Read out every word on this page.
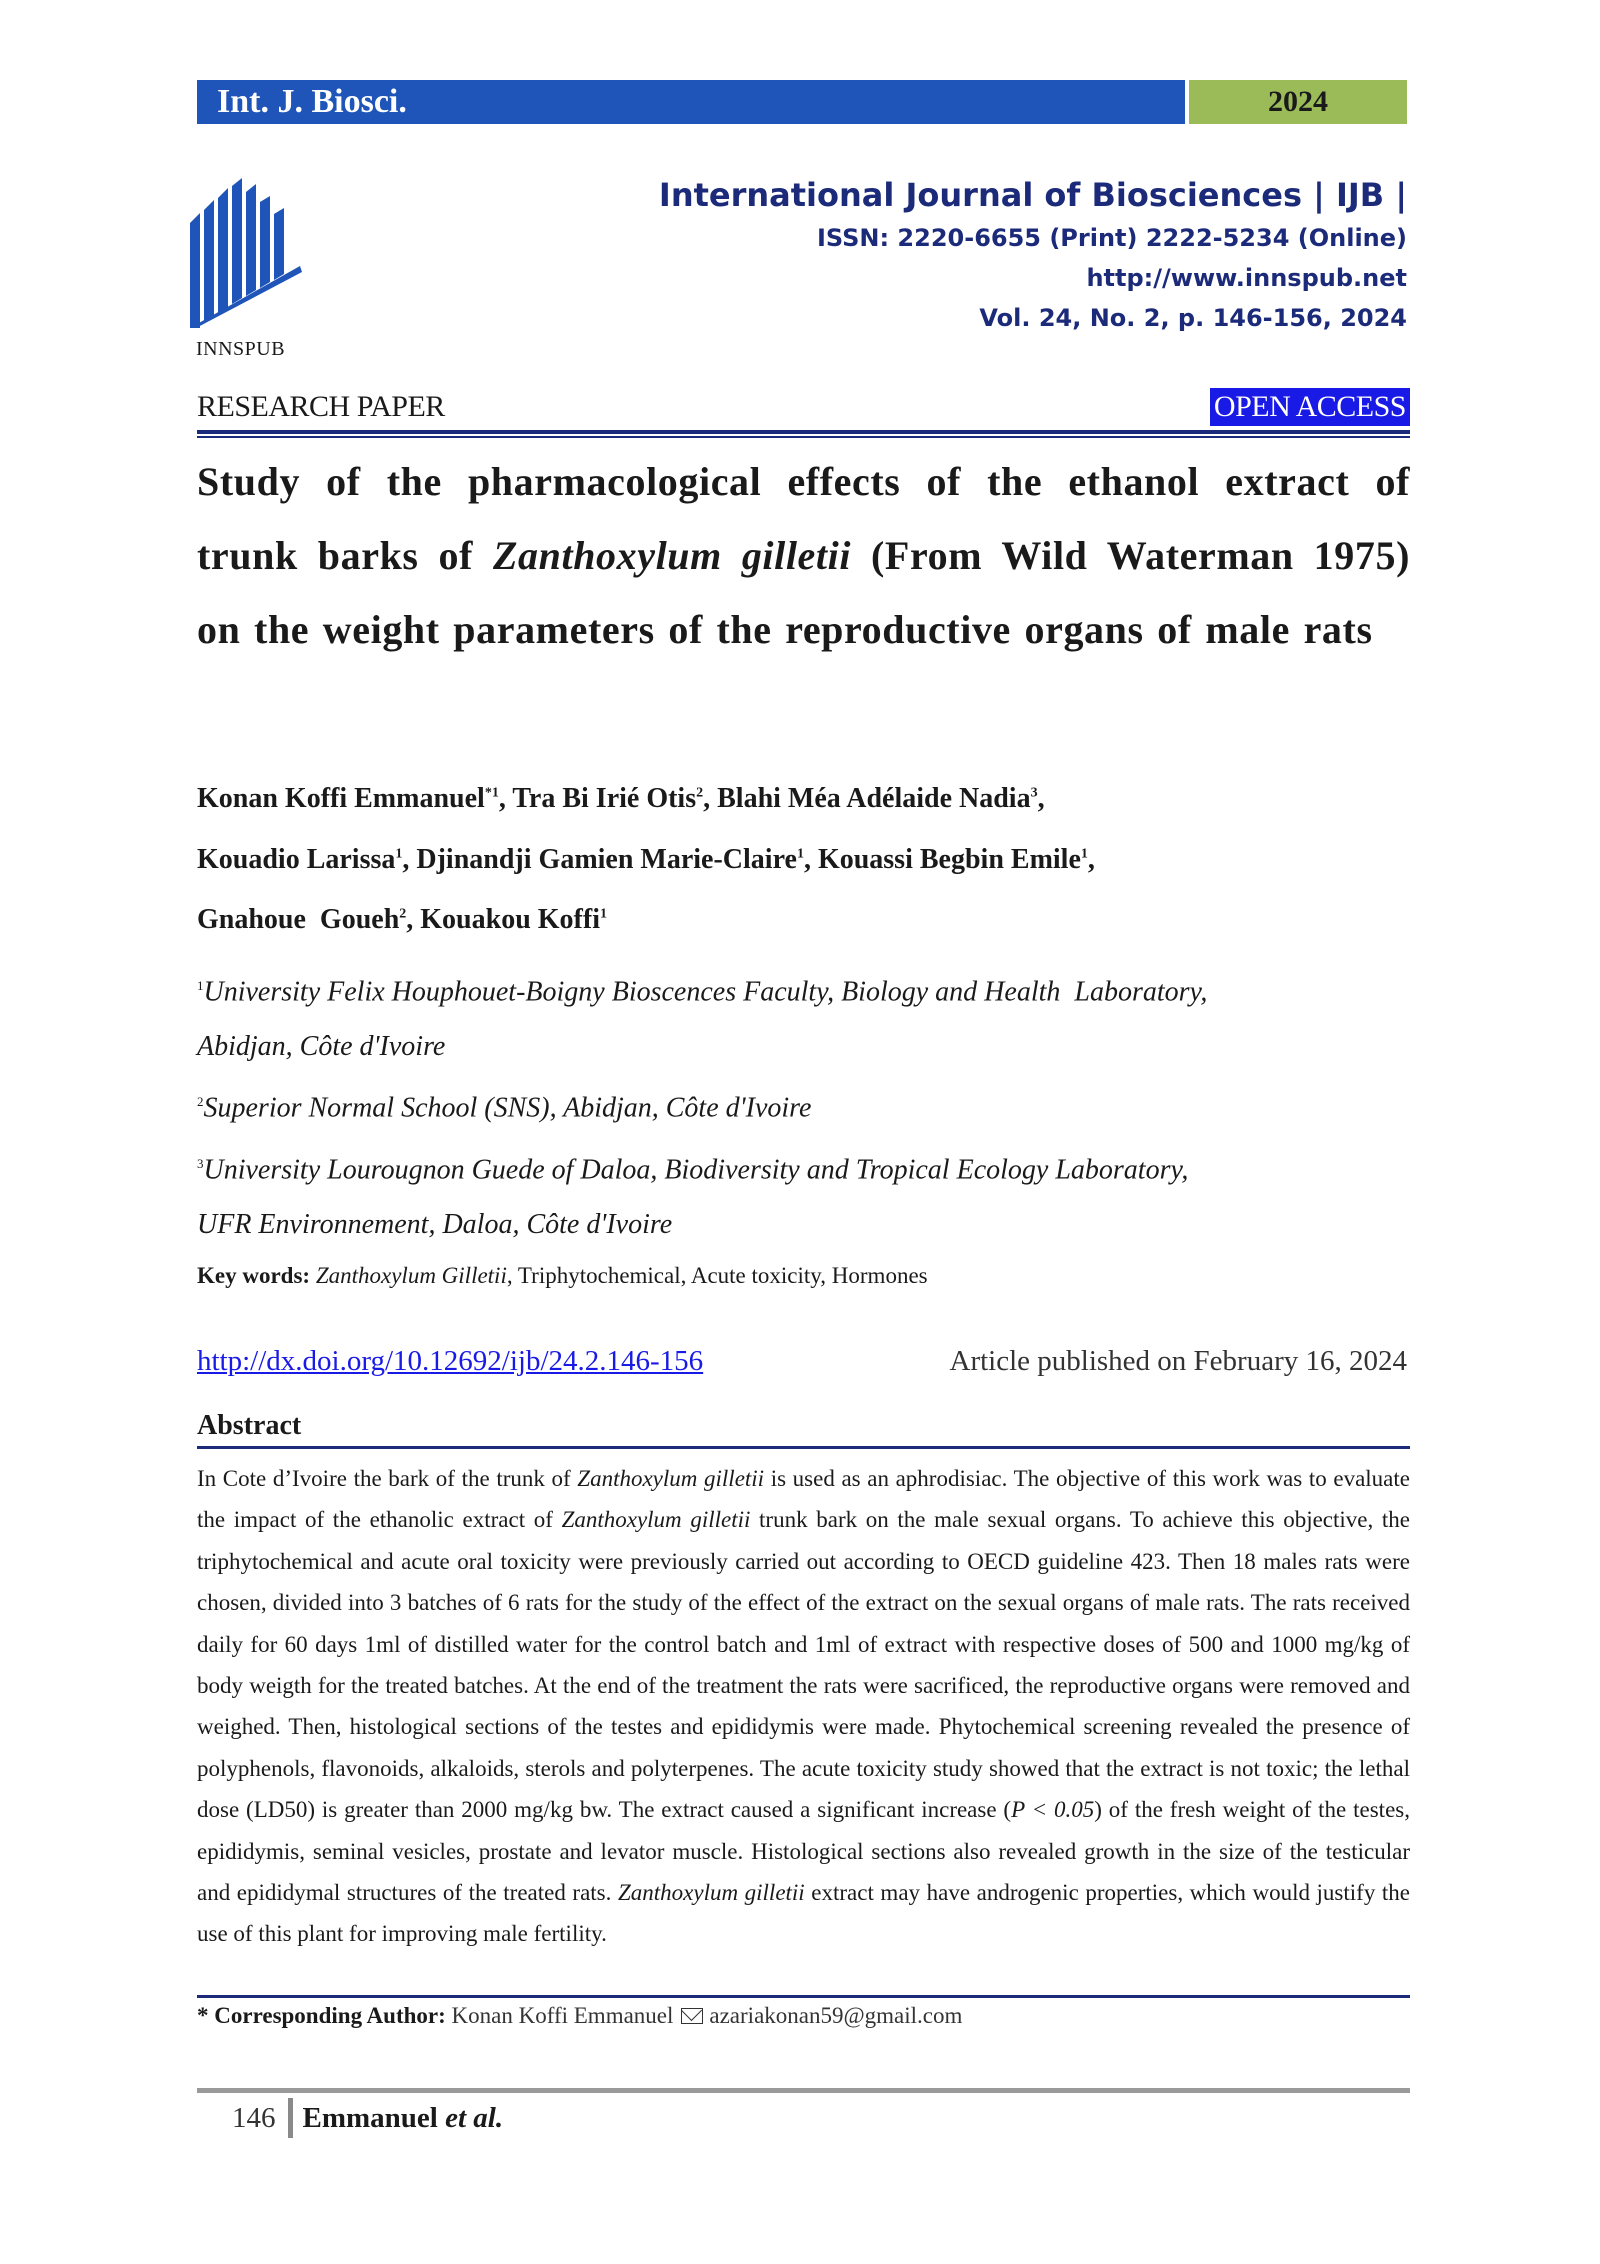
Int. J. Biosci.	2024
INNSPUB
International Journal of Biosciences | IJB |
ISSN: 2220-6655 (Print) 2222-5234 (Online)
http://www.innspub.net
Vol. 24, No. 2, p. 146-156, 2024
RESEARCH PAPER	OPEN ACCESS
Study of the pharmacological effects of the ethanol extract of trunk barks of Zanthoxylum gilletii (From Wild Waterman 1975) on the weight parameters of the reproductive organs of male rats
Konan Koffi Emmanuel$^{*1}$, Tra Bi Irié Otis$^2$, Blahi Méa Adélaide Nadia$^3$,
Kouadio Larissa$^1$, Djinandji Gamien Marie-Claire$^1$, Kouassi Begbin Emile$^1$,
Gnahoue  Goueh$^2$, Kouakou Koffi$^1$
$^1$University Felix Houphouet-Boigny Bioscences Faculty, Biology and Health  Laboratory,
Abidjan, Côte d'Ivoire
$^2$Superior Normal School (SNS), Abidjan, Côte d'Ivoire
$^3$University Lourougnon Guede of Daloa, Biodiversity and Tropical Ecology Laboratory,
UFR Environnement, Daloa, Côte d'Ivoire
Key words: Zanthoxylum Gilletii, Triphytochemical, Acute toxicity, Hormones
http://dx.doi.org/10.12692/ijb/24.2.146-156	Article published on February 16, 2024
Abstract
In Cote d’Ivoire the bark of the trunk of Zanthoxylum gilletii is used as an aphrodisiac. The objective of this work was to evaluate the impact of the ethanolic extract of Zanthoxylum gilletii trunk bark on the male sexual organs. To achieve this objective, the triphytochemical and acute oral toxicity were previously carried out according to OECD guideline 423. Then 18 males rats were chosen, divided into 3 batches of 6 rats for the study of the effect of the extract on the sexual organs of male rats. The rats received daily for 60 days 1ml of distilled water for the control batch and 1ml of extract with respective doses of 500 and 1000 mg/kg of body weigth for the treated batches. At the end of the treatment the rats were sacrificed, the reproductive organs were removed and weighed. Then, histological sections of the testes and epididymis were made. Phytochemical screening revealed the presence of polyphenols, flavonoids, alkaloids, sterols and polyterpenes. The acute toxicity study showed that the extract is not toxic; the lethal dose (LD50) is greater than 2000 mg/kg bw. The extract caused a significant increase (P < 0.05) of the fresh weight of the testes, epididymis, seminal vesicles, prostate and levator muscle. Histological sections also revealed growth in the size of the testicular and epididymal structures of the treated rats. Zanthoxylum gilletii extract may have androgenic properties, which would justify the use of this plant for improving male fertility.
* Corresponding Author: Konan Koffi Emmanuel azariakonan59@gmail.com
146 Emmanuel et al.
